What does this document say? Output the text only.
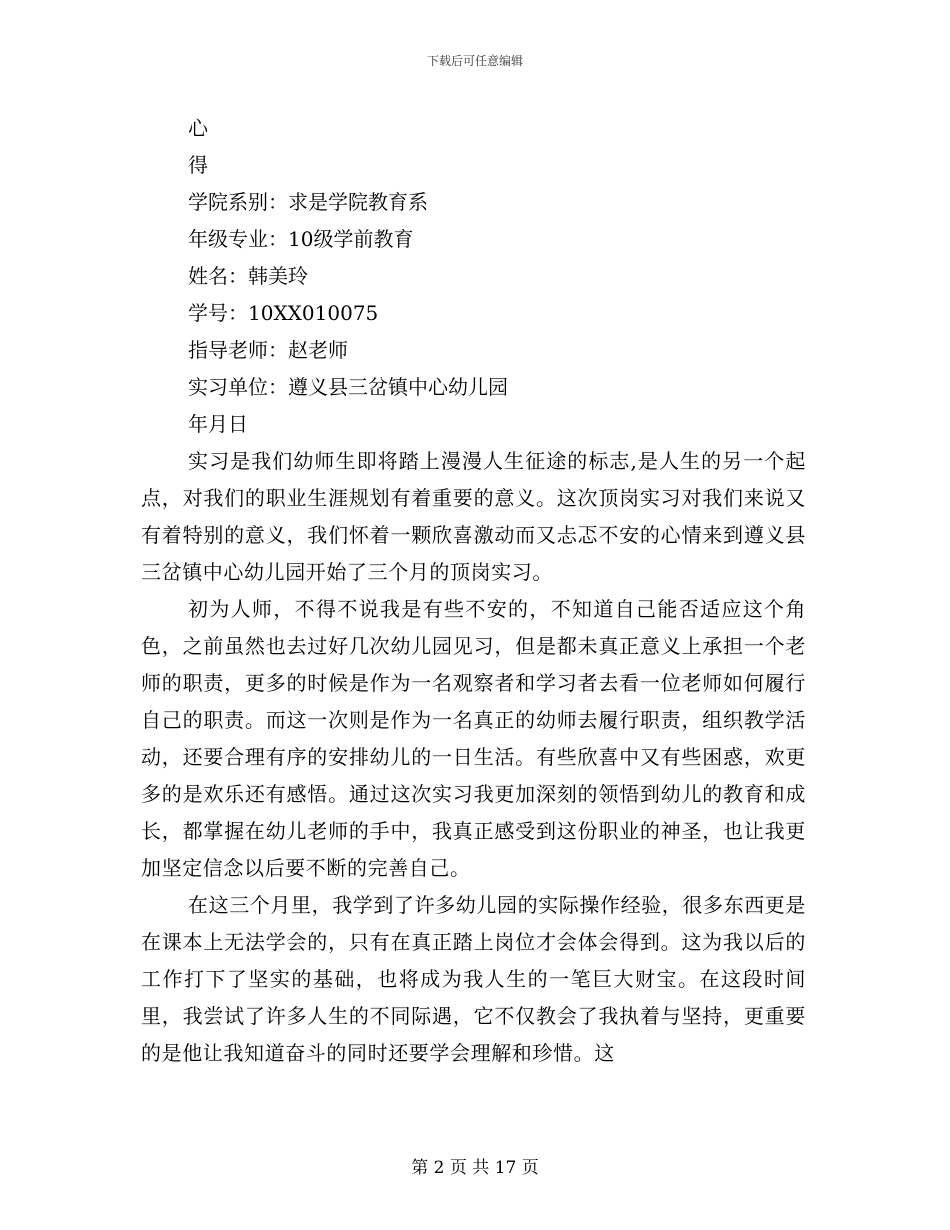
下载后可任意编辑
心
得
学院系别：求是学院教育系
年级专业：10级学前教育
姓名：韩美玲
学号：10XX010075
指导老师：赵老师
实习单位：遵义县三岔镇中心幼儿园
年月日

实习是我们幼师生即将踏上漫漫人生征途的标志,是人生的另一个起点，对我们的职业生涯规划有着重要的意义。这次顶岗实习对我们来说又有着特别的意义，我们怀着一颗欣喜激动而又忐忑不安的心情来到遵义县三岔镇中心幼儿园开始了三个月的顶岗实习。

初为人师，不得不说我是有些不安的，不知道自己能否适应这个角色，之前虽然也去过好几次幼儿园见习，但是都未真正意义上承担一个老师的职责，更多的时候是作为一名观察者和学习者去看一位老师如何履行自己的职责。而这一次则是作为一名真正的幼师去履行职责，组织教学活动，还要合理有序的安排幼儿的一日生活。有些欣喜中又有些困惑，欢更多的是欢乐还有感悟。通过这次实习我更加深刻的领悟到幼儿的教育和成长，都掌握在幼儿老师的手中，我真正感受到这份职业的神圣，也让我更加坚定信念以后要不断的完善自己。

在这三个月里，我学到了许多幼儿园的实际操作经验，很多东西更是在课本上无法学会的，只有在真正踏上岗位才会体会得到。这为我以后的工作打下了坚实的基础，也将成为我人生的一笔巨大财宝。在这段时间里，我尝试了许多人生的不同际遇，它不仅教会了我执着与坚持，更重要的是他让我知道奋斗的同时还要学会理解和珍惜。这

第 2 页 共 17 页
